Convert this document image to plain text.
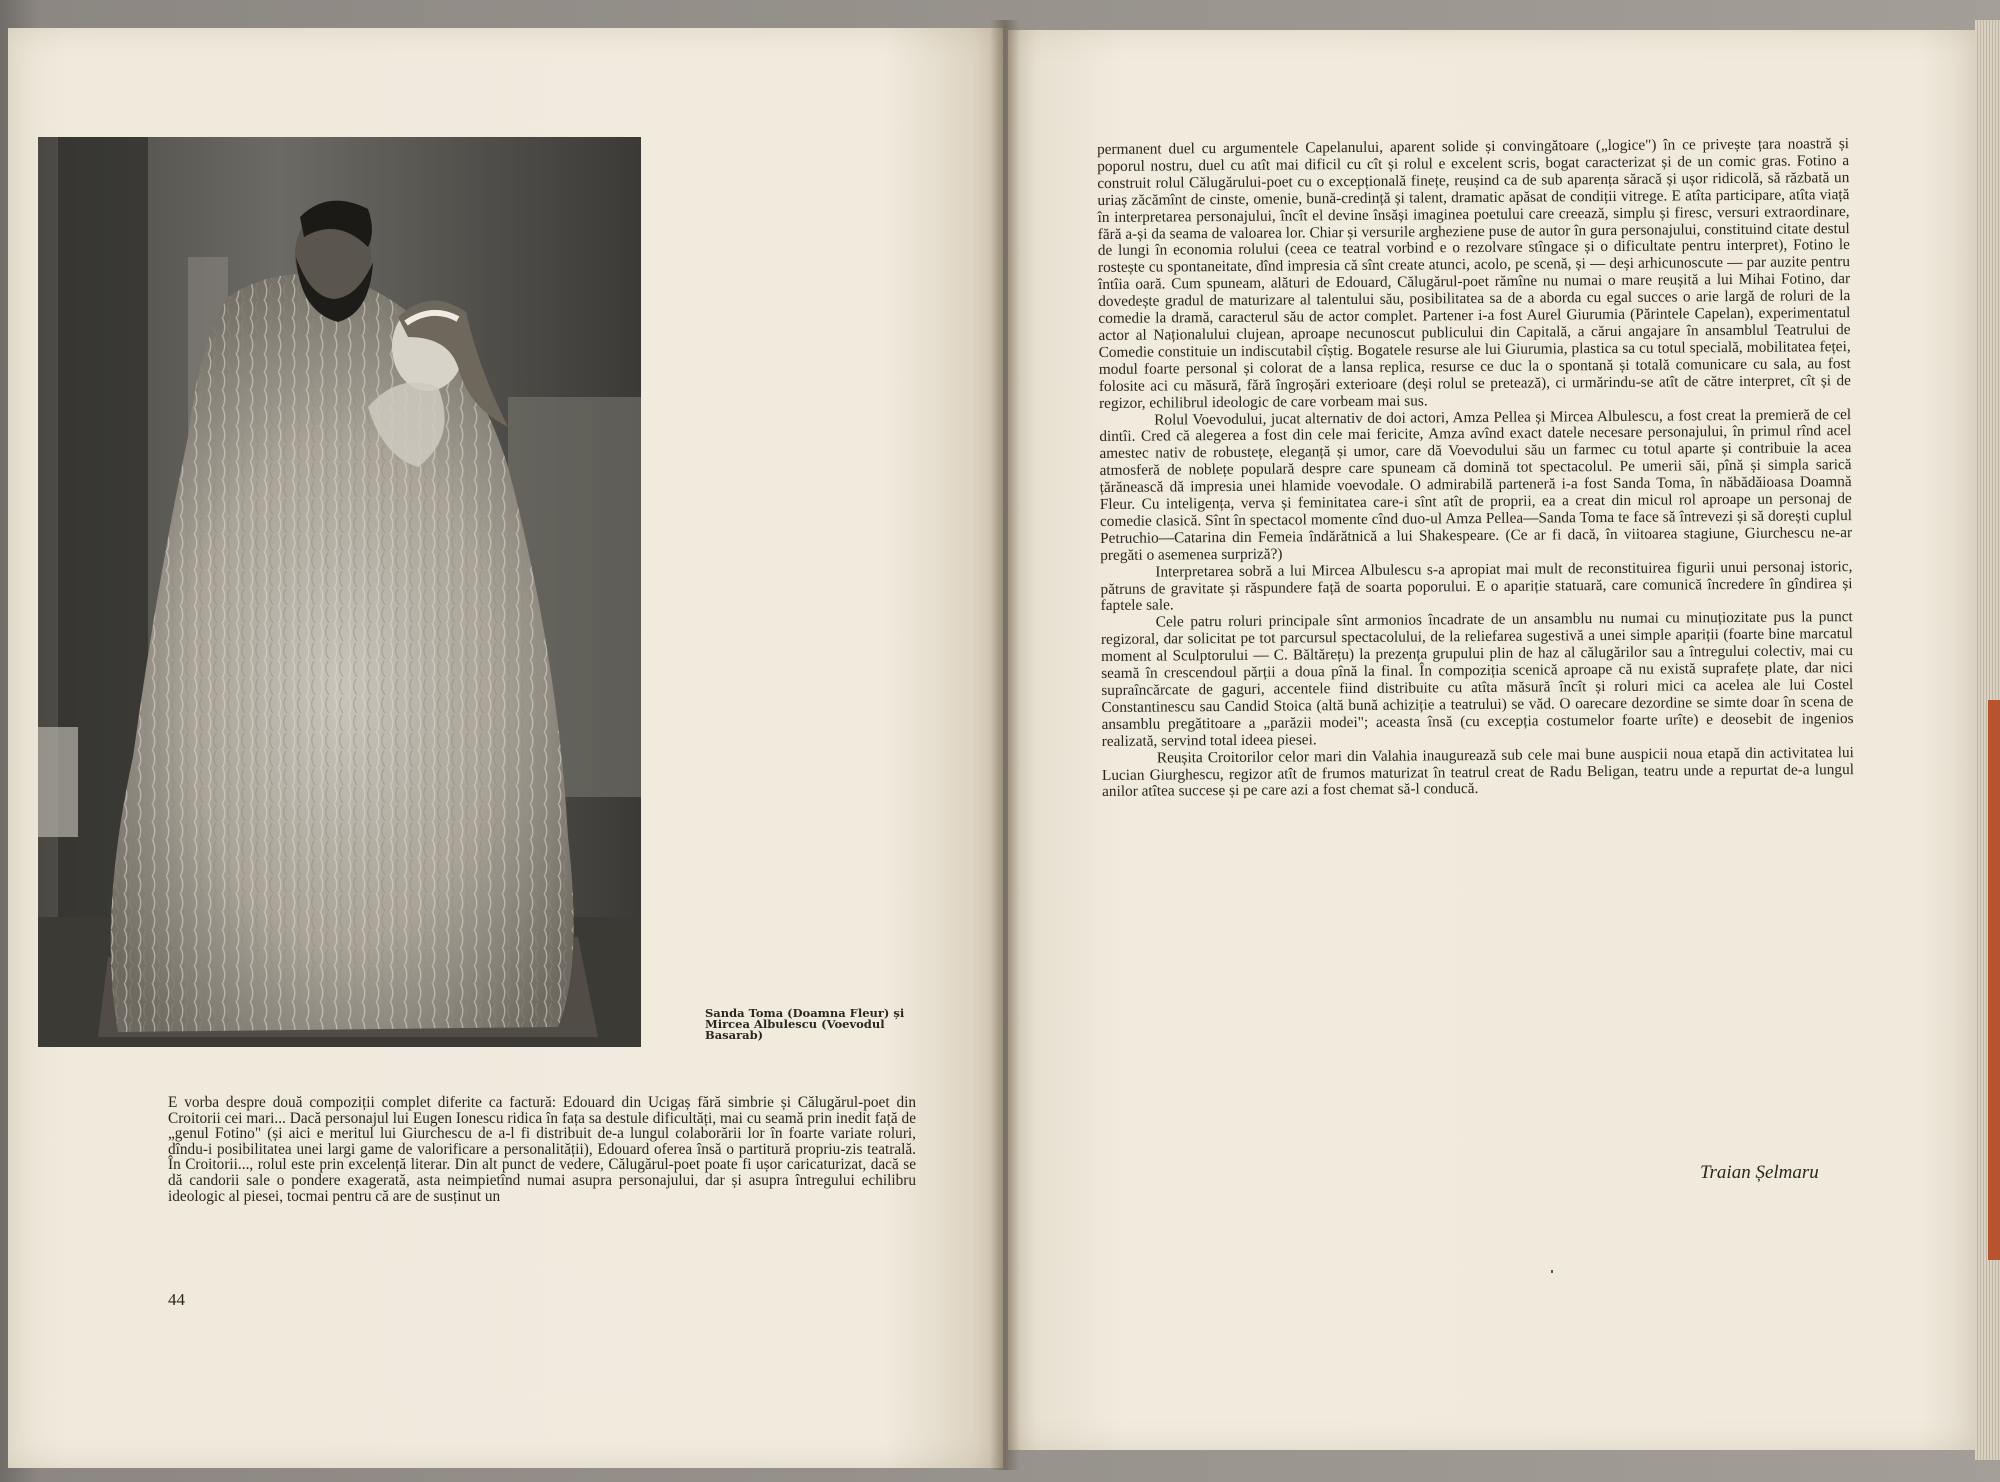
Sanda Toma (Doamna Fleur) și Mircea Albulescu (Voevodul Basarab)

E vorba despre două compoziții complet diferite ca factură: Edouard din Ucigaș fără simbrie și Călugărul-poet din Croitorii cei mari... Dacă personajul lui Eugen Ionescu ridica în fața sa destule dificultăți, mai cu seamă prin inedit față de „genul Fotino" (și aici e meritul lui Giurchescu de a-l fi distribuit de-a lungul colaborării lor în foarte variate roluri, dîndu-i posibilitatea unei largi game de valorificare a personalității), Edouard oferea însă o partitură propriu-zis teatrală. În Croitorii..., rolul este prin excelență literar. Din alt punct de vedere, Călugărul-poet poate fi ușor caricaturizat, dacă se dă candorii sale o pondere exagerată, asta neimpietînd numai asupra personajului, dar și asupra întregului echilibru ideologic al piesei, tocmai pentru că are de susținut un

44

permanent duel cu argumentele Capelanului, aparent solide și convingătoare („logice") în ce privește țara noastră și poporul nostru, duel cu atît mai dificil cu cît și rolul e excelent scris, bogat caracterizat și de un comic gras. Fotino a construit rolul Călugărului-poet cu o excepțională finețe, reușind ca de sub aparența săracă și ușor ridicolă, să răzbată un uriaș zăcămînt de cinste, omenie, bună-credință și talent, dramatic apăsat de condiții vitrege. E atîta participare, atîta viață în interpretarea personajului, încît el devine însăși imaginea poetului care creează, simplu și firesc, versuri extraordinare, fără a-și da seama de valoarea lor. Chiar și versurile argheziene puse de autor în gura personajului, constituind citate destul de lungi în economia rolului (ceea ce teatral vorbind e o rezolvare stîngace și o dificultate pentru interpret), Fotino le rostește cu spontaneitate, dînd impresia că sînt create atunci, acolo, pe scenă, și — deși arhicunoscute — par auzite pentru întîia oară. Cum spuneam, alături de Edouard, Călugărul-poet rămîne nu numai o mare reușită a lui Mihai Fotino, dar dovedește gradul de maturizare al talentului său, posibilitatea sa de a aborda cu egal succes o arie largă de roluri de la comedie la dramă, caracterul său de actor complet. Partener i-a fost Aurel Giurumia (Părintele Capelan), experimentatul actor al Naționalului clujean, aproape necunoscut publicului din Capitală, a cărui angajare în ansamblul Teatrului de Comedie constituie un indiscutabil cîștig. Bogatele resurse ale lui Giurumia, plastica sa cu totul specială, mobilitatea feței, modul foarte personal și colorat de a lansa replica, resurse ce duc la o spontană și totală comunicare cu sala, au fost folosite aci cu măsură, fără îngroșări exterioare (deși rolul se pretează), ci urmărindu-se atît de către interpret, cît și de regizor, echilibrul ideologic de care vorbeam mai sus.

Rolul Voevodului, jucat alternativ de doi actori, Amza Pellea și Mircea Albulescu, a fost creat la premieră de cel dintîi. Cred că alegerea a fost din cele mai fericite, Amza avînd exact datele necesare personajului, în primul rînd acel amestec nativ de robustețe, eleganță și umor, care dă Voevodului său un farmec cu totul aparte și contribuie la acea atmosferă de noblețe populară despre care spuneam că domină tot spectacolul. Pe umerii săi, pînă și simpla sarică țărănească dă impresia unei hlamide voevodale. O admirabilă parteneră i-a fost Sanda Toma, în năbădăioasa Doamnă Fleur. Cu inteligența, verva și feminitatea care-i sînt atît de proprii, ea a creat din micul rol aproape un personaj de comedie clasică. Sînt în spectacol momente cînd duo-ul Amza Pellea—Sanda Toma te face să întrevezi și să dorești cuplul Petruchio—Catarina din Femeia îndărătnică a lui Shakespeare. (Ce ar fi dacă, în viitoarea stagiune, Giurchescu ne-ar pregăti o asemenea surpriză?)

Interpretarea sobră a lui Mircea Albulescu s-a apropiat mai mult de reconstituirea figurii unui personaj istoric, pătruns de gravitate și răspundere față de soarta poporului. E o apariție statuară, care comunică încredere în gîndirea și faptele sale.

Cele patru roluri principale sînt armonios încadrate de un ansamblu nu numai cu minuțiozitate pus la punct regizoral, dar solicitat pe tot parcursul spectacolului, de la reliefarea sugestivă a unei simple apariții (foarte bine marcatul moment al Sculptorului — C. Băltărețu) la prezența grupului plin de haz al călugărilor sau a întregului colectiv, mai cu seamă în crescendoul părții a doua pînă la final. În compoziția scenică aproape că nu există suprafețe plate, dar nici supraîncărcate de gaguri, accentele fiind distribuite cu atîta măsură încît și roluri mici ca acelea ale lui Costel Constantinescu sau Candid Stoica (altă bună achiziție a teatrului) se văd. O oarecare dezordine se simte doar în scena de ansamblu pregătitoare a „parăzii modei"; aceasta însă (cu excepția costumelor foarte urîte) e deosebit de ingenios realizată, servind total ideea piesei.

Reușita Croitorilor celor mari din Valahia inaugurează sub cele mai bune auspicii noua etapă din activitatea lui Lucian Giurghescu, regizor atît de frumos maturizat în teatrul creat de Radu Beligan, teatru unde a repurtat de-a lungul anilor atîtea succese și pe care azi a fost chemat să-l conducă.

Traian Șelmaru
